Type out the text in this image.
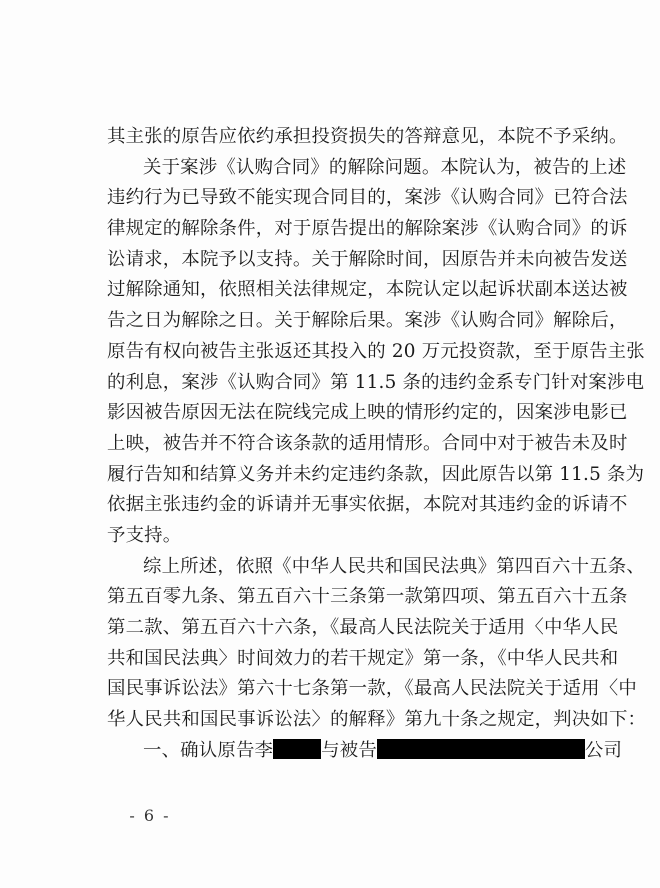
其主张的原告应依约承担投资损失的答辩意见，本院不予采纳。
关于案涉《认购合同》的解除问题。本院认为，被告的上述
违约行为已导致不能实现合同目的，案涉《认购合同》已符合法
律规定的解除条件，对于原告提出的解除案涉《认购合同》的诉
讼请求，本院予以支持。关于解除时间，因原告并未向被告发送
过解除通知，依照相关法律规定，本院认定以起诉状副本送达被
告之日为解除之日。关于解除后果。案涉《认购合同》解除后，
原告有权向被告主张返还其投入的 20 万元投资款，至于原告主张
的利息，案涉《认购合同》第 11.5 条的违约金系专门针对案涉电
影因被告原因无法在院线完成上映的情形约定的，因案涉电影已
上映，被告并不符合该条款的适用情形。合同中对于被告未及时
履行告知和结算义务并未约定违约条款，因此原告以第 11.5 条为
依据主张违约金的诉请并无事实依据，本院对其违约金的诉请不
予支持。
综上所述，依照《中华人民共和国民法典》第四百六十五条、
第五百零九条、第五百六十三条第一款第四项、第五百六十五条
第二款、第五百六十六条，《最高人民法院关于适用〈中华人民
共和国民法典〉时间效力的若干规定》第一条，《中华人民共和
国民事诉讼法》第六十七条第一款，《最高人民法院关于适用〈中
华人民共和国民事诉讼法〉的解释》第九十条之规定，判决如下：
一、确认原告李	与被告	公司
- 6 -
